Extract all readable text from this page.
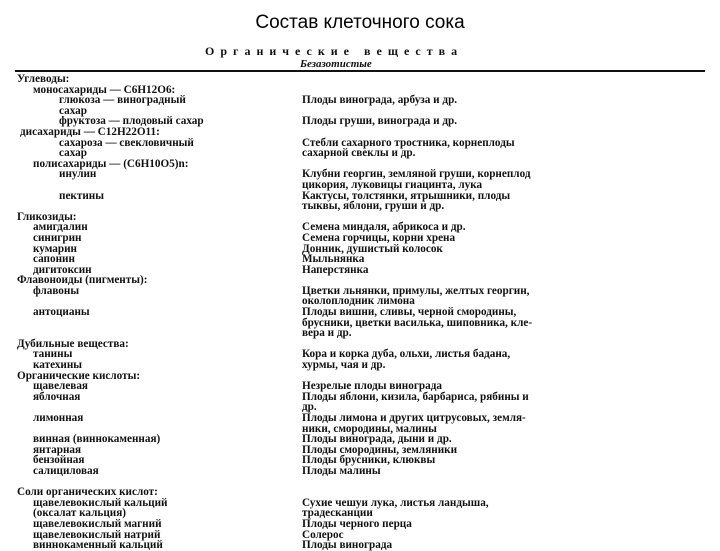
Состав клеточного сока
Органические вещества
Безазотистые
Углеводы:
моносахариды — C6H12O6:
глюкоза — виноградный
сахар
фруктоза — плодовый сахар
дисахариды — C12H22O11:
сахароза — свекловичный
сахар
полисахариды — (C6H10O5)n:
инулин
пектины
Гликозиды:
амигдалин
синигрин
кумарин
сапонин
дигитоксин
Флавоноиды (пигменты):
флавоны
антоцианы
Дубильные вещества:
танины
катехины
Органические кислоты:
щавелевая
яблочная
лимонная
винная (виннокаменная)
янтарная
бензойная
салициловая
Соли органических кислот:
щавелевокислый кальций
(оксалат кальция)
щавелевокислый магний
щавелевокислый натрий
виннокаменный кальций
Плоды винограда, арбуза и др.
Плоды груши, винограда и др.
Стебли сахарного тростника, корнеплоды
сахарной свеклы и др.
Клубни георгин, земляной груши, корнеплод
цикория, луковицы гиацинта, лука
Кактусы, толстянки, ятрышники, плоды
тыквы, яблони, груши и др.
Семена миндаля, абрикоса и др.
Семена горчицы, корни хрена
Донник, душистый колосок
Мыльнянка
Наперстянка
Цветки льнянки, примулы, желтых георгин,
околоплодник лимона
Плоды вишни, сливы, черной смородины,
брусники, цветки василька, шиповника, кле-
вера и др.
Кора и корка дуба, ольхи, листья бадана,
хурмы, чая и др.
Незрелые плоды винограда
Плоды яблони, кизила, барбариса, рябины и
др.
Плоды лимона и других цитрусовых, земля-
ники, смородины, малины
Плоды винограда, дыни и др.
Плоды смородины, земляники
Плоды брусники, клюквы
Плоды малины
Сухие чешуи лука, листья ландыша,
традесканции
Плоды черного перца
Солерос
Плоды винограда
